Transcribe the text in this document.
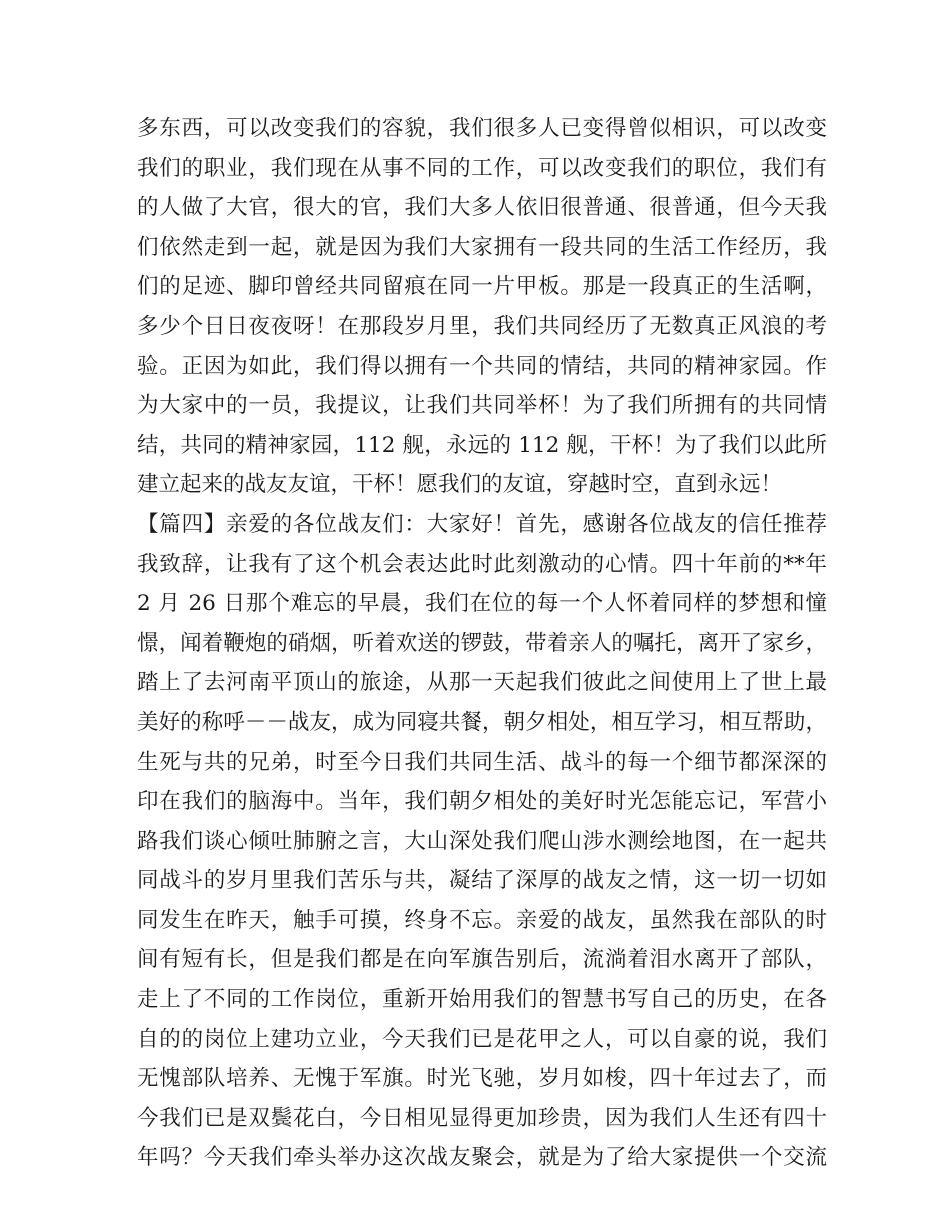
多东西，可以改变我们的容貌，我们很多人已变得曾似相识，可以改变
我们的职业，我们现在从事不同的工作，可以改变我们的职位，我们有
的人做了大官，很大的官，我们大多人依旧很普通、很普通，但今天我
们依然走到一起，就是因为我们大家拥有一段共同的生活工作经历，我
们的足迹、脚印曾经共同留痕在同一片甲板。那是一段真正的生活啊，
多少个日日夜夜呀！在那段岁月里，我们共同经历了无数真正风浪的考
验。正因为如此，我们得以拥有一个共同的情结，共同的精神家园。作
为大家中的一员，我提议，让我们共同举杯！为了我们所拥有的共同情
结，共同的精神家园，112 舰，永远的 112 舰，干杯！为了我们以此所
建立起来的战友友谊，干杯！愿我们的友谊，穿越时空，直到永远！
【篇四】亲爱的各位战友们：大家好！首先，感谢各位战友的信任推荐
我致辞，让我有了这个机会表达此时此刻激动的心情。四十年前的**年
2 月 26 日那个难忘的早晨，我们在位的每一个人怀着同样的梦想和憧
憬，闻着鞭炮的硝烟，听着欢送的锣鼓，带着亲人的嘱托，离开了家乡，
踏上了去河南平顶山的旅途，从那一天起我们彼此之间使用上了世上最
美好的称呼－－战友，成为同寝共餐，朝夕相处，相互学习，相互帮助，
生死与共的兄弟，时至今日我们共同生活、战斗的每一个细节都深深的
印在我们的脑海中。当年，我们朝夕相处的美好时光怎能忘记，军营小
路我们谈心倾吐肺腑之言，大山深处我们爬山涉水测绘地图，在一起共
同战斗的岁月里我们苦乐与共，凝结了深厚的战友之情，这一切一切如
同发生在昨天，触手可摸，终身不忘。亲爱的战友，虽然我在部队的时
间有短有长，但是我们都是在向军旗告别后，流淌着泪水离开了部队，
走上了不同的工作岗位，重新开始用我们的智慧书写自己的历史，在各
自的的岗位上建功立业，今天我们已是花甲之人，可以自豪的说，我们
无愧部队培养、无愧于军旗。时光飞驰，岁月如梭，四十年过去了，而
今我们已是双鬓花白，今日相见显得更加珍贵，因为我们人生还有四十
年吗？今天我们牵头举办这次战友聚会，就是为了给大家提供一个交流
